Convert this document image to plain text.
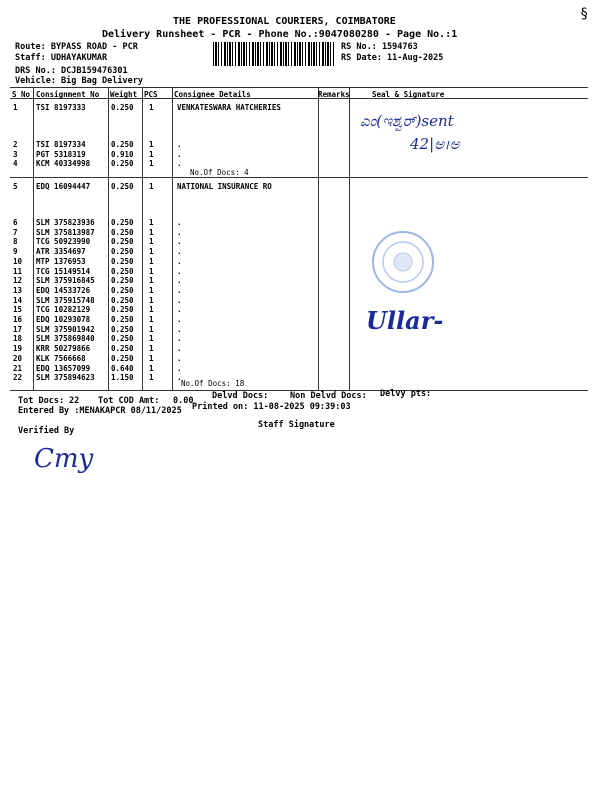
THE PROFESSIONAL COURIERS, COIMBATORE
Delivery Runsheet - PCR - Phone No.:9047080280 - Page No.:1
§
Route: BYPASS ROAD - PCR
Staff: UDHAYAKUMAR
DRS No.: DCJB159476301
Vehicle: Big Bag Delivery
RS No.: 1594763
RS Date: 11-Aug-2025
S No Consignment No Weight PCS Consignee Details	Remarks	Seal & Signature
VENKATESWARA HATCHERIES
1 TSI 8197333	0.250 1
2 TSI 8197334	0.250 1	.
3 PGT 5318319	0.910 1	.
4 KCM 40334998	0.250 1	.
No.Of Docs: 4
NATIONAL INSURANCE RO
5 EDQ 16094447	0.250 1
6 SLM 375823936 0.250 1	.
7 SLM 375813987 0.250 1	.
8 TCG 50923990	0.250 1	.
9 ATR 3354697	0.250 1	.
10 MTP 1376953	0.250 1	.
11 TCG 15149514	0.250 1	.
12 SLM 375916845 0.250 1	.
13 EDQ 14533726	0.250 1	.
14 SLM 375915748 0.250 1	.
15 TCG 10282129	0.250 1	.
16 EDQ 10293078	0.250 1	.
17 SLM 375901942 0.250 1	.
18 SLM 375869840 0.250 1	.
19 KRR 50279866	0.250 1	.
20 KLK 7566668	0.250 1	.
21 EDQ 13657099	0.640 1	.
22 SLM 375894623 1.150 1	.
No.Of Docs: 18
ಎಂ(ಇಶ್ವರ್)sent
42|ಅ।ಅ
Ullar-
Tot Docs: 22 Tot COD Amt: 0.00 Delvd Docs:	Non Delvd Docs: Delvy pts:
Entered By :MENAKAPCR 08/11/2025 Printed on: 11-08-2025 09:39:03
Staff Signature
Verified By
Cmy
